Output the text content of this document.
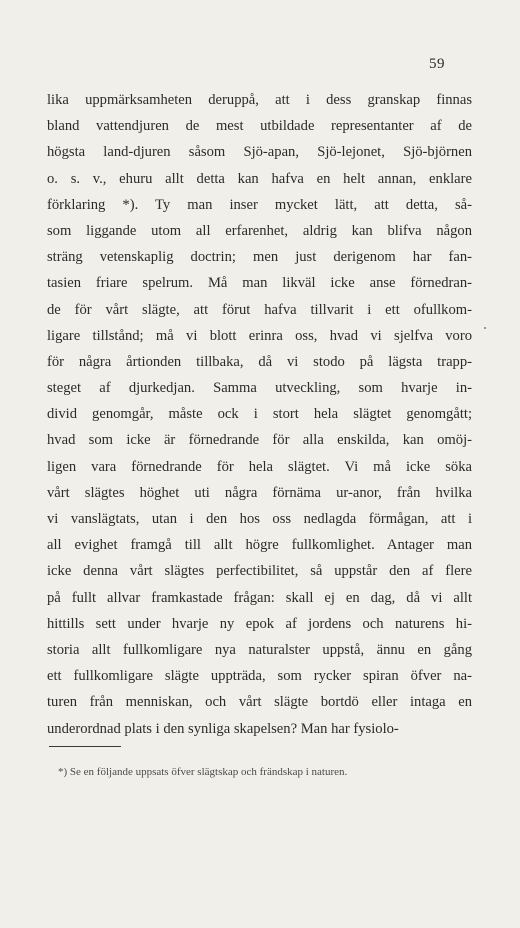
59
lika uppmärksamheten deruppå, att i dess granskap finnas
bland vattendjuren de mest utbildade representanter af de
högsta land-djuren såsom Sjö-apan, Sjö-lejonet, Sjö-björnen
o. s. v., ehuru allt detta kan hafva en helt annan, enklare
förklaring *). Ty man inser mycket lätt, att detta, så-
som liggande utom all erfarenhet, aldrig kan blifva någon
sträng vetenskaplig doctrin; men just derigenom har fan-
tasien friare spelrum. Må man likväl icke anse förnedran-
de för vårt slägte, att förut hafva tillvarit i ett ofullkom-
ligare tillstånd; må vi blott erinra oss, hvad vi sjelfva voro
för några årtionden tillbaka, då vi stodo på lägsta trapp-
steget af djurkedjan. Samma utveckling, som hvarje in-
divid genomgår, måste ock i stort hela slägtet genomgått;
hvad som icke är förnedrande för alla enskilda, kan omöj-
ligen vara förnedrande för hela slägtet. Vi må icke söka
vårt slägtes höghet uti några förnäma ur-anor, från hvilka
vi vanslägtats, utan i den hos oss nedlagda förmågan, att i
all evighet framgå till allt högre fullkomlighet. Antager man
icke denna vårt slägtes perfectibilitet, så uppstår den af flere
på fullt allvar framkastade frågan: skall ej en dag, då vi allt
hittills sett under hvarje ny epok af jordens och naturens hi-
storia allt fullkomligare nya naturalster uppstå, ännu en gång
ett fullkomligare slägte uppträda, som rycker spiran öfver na-
turen från menniskan, och vårt slägte bortdö eller intaga en
underordnad plats i den synliga skapelsen? Man har fysiolo-
*) Se en följande uppsats öfver slägtskap och frändskap i naturen.
